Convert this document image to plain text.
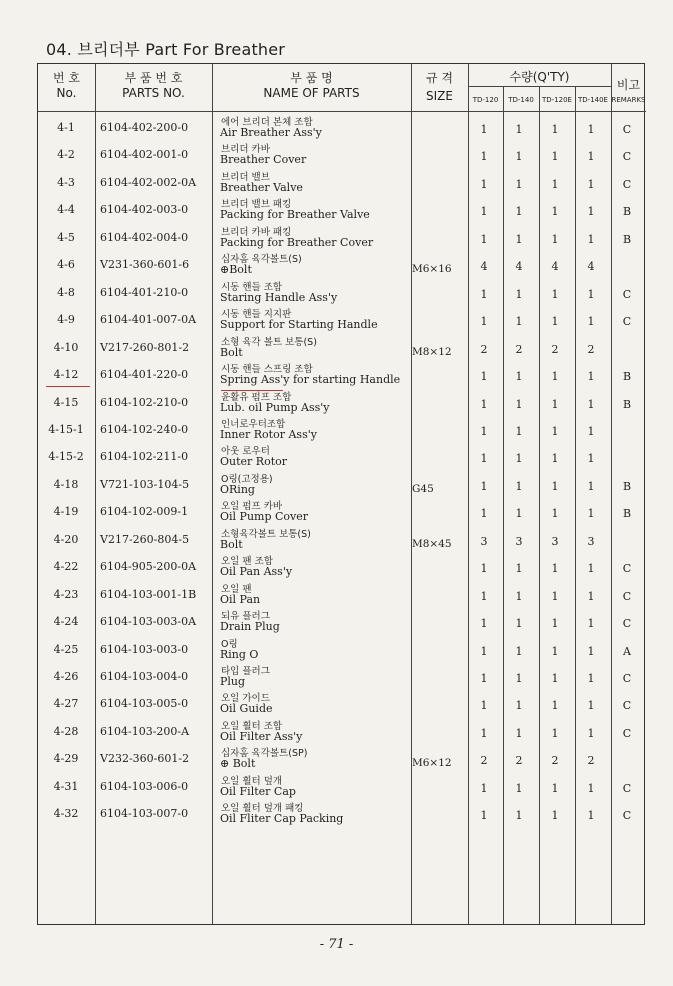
04. 브리더부 Part For Breather
번 호
No.
부 품 번 호
PARTS NO.
부 품 명
NAME OF PARTS
규 격
SIZE
수량(Q'TY)
TD-120	TD-140	TD-120E TD-140E
비고
REMARKS
4-1	6104-402-200-0	에어 브리더 본체 조합
Air Breather Ass'y	1	1	1	1	C
4-2	6104-402-001-0	브리더 카바
Breather Cover	1	1	1	1	C
4-3	6104-402-002-0A	브리더 밸브
Breather Valve	1	1	1	1	C
4-4	6104-402-003-0	브리더 밸브 패킹
Packing for Breather Valve	1	1	1	1	B
4-5	6104-402-004-0	브리더 카바 패킹
Packing for Breather Cover	1	1	1	1	B
4-6	V231-360-601-6	십자홈 육각볼트(S)
⊕Bolt	M6×16	4	4	4	4
4-8	6104-401-210-0	시동 핸들 조합
Staring Handle Ass'y	1	1	1	1	C
4-9	6104-401-007-0A	시동 핸들 지지판
Support for Starting Handle	1	1	1	1	C
4-10	V217-260-801-2	소형 육각 볼트 보통(S)
Bolt	M8×12	2	2	2	2
4-12	6104-401-220-0	시동 핸들 스프링 조합
Spring Ass'y for starting Handle	1	1	1	1	B
4-15	6104-102-210-0	윤활유 펌프 조합
Lub. oil Pump Ass'y	1	1	1	1	B
4-15-1	6104-102-240-0	인너로우터조합
Inner Rotor Ass'y	1	1	1	1
4-15-2	6104-102-211-0	아웃 로우터
Outer Rotor	1	1	1	1
4-18	V721-103-104-5	O링(고정용)
ORing	G45	1	1	1	1	B
4-19	6104-102-009-1	오일 펌프 카바
Oil Pump Cover	1	1	1	1	B
4-20	V217-260-804-5	소형육각볼트 보통(S)
Bolt	M8×45	3	3	3	3
4-22	6104-905-200-0A	오일 팬 조합
Oil Pan Ass'y	1	1	1	1	C
4-23	6104-103-001-1B	오일 팬
Oil Pan	1	1	1	1	C
4-24	6104-103-003-0A	되유 플러그
Drain Plug	1	1	1	1	C
4-25	6104-103-003-0	O링
Ring O	1	1	1	1	A
4-26	6104-103-004-0	타입 플러그
Plug	1	1	1	1	C
4-27	6104-103-005-0	오일 가이드
Oil Guide	1	1	1	1	C
4-28	6104-103-200-A	오일 휠터 조합
Oil Filter Ass'y	1	1	1	1	C
4-29	V232-360-601-2	십자홈 육각볼트(SP)
⊕ Bolt	M6×12	2	2	2	2
4-31	6104-103-006-0	오일 휠터 덮개
Oil Filter Cap	1	1	1	1	C
4-32	6104-103-007-0	오일 휠터 덮개 패킹
Oil Fliter Cap Packing	1	1	1	1	C
- 71 -
